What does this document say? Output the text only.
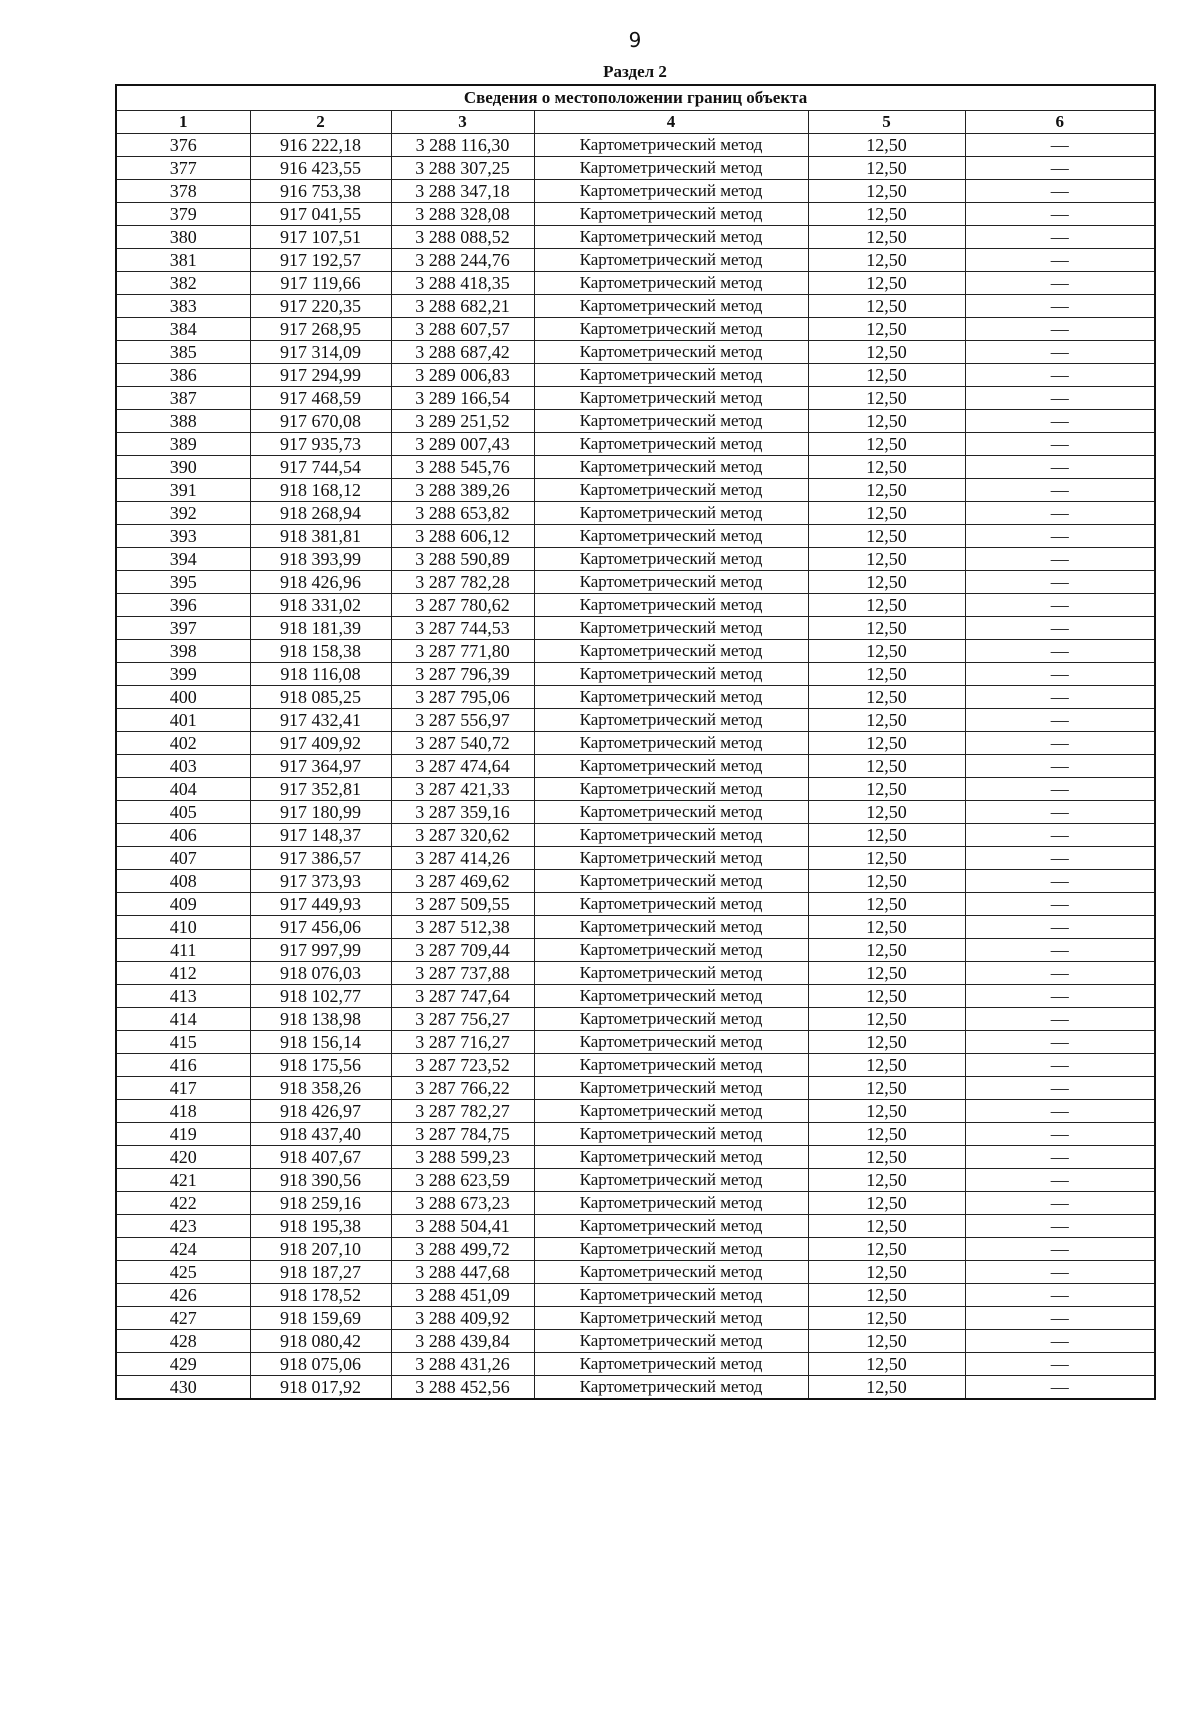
9
Раздел 2
Сведения о местоположении границ объекта					
1	2	3	4	5	6
376	916 222,18	3 288 116,30	Картометрический метод	12,50	—
377	916 423,55	3 288 307,25	Картометрический метод	12,50	—
378	916 753,38	3 288 347,18	Картометрический метод	12,50	—
379	917 041,55	3 288 328,08	Картометрический метод	12,50	—
380	917 107,51	3 288 088,52	Картометрический метод	12,50	—
381	917 192,57	3 288 244,76	Картометрический метод	12,50	—
382	917 119,66	3 288 418,35	Картометрический метод	12,50	—
383	917 220,35	3 288 682,21	Картометрический метод	12,50	—
384	917 268,95	3 288 607,57	Картометрический метод	12,50	—
385	917 314,09	3 288 687,42	Картометрический метод	12,50	—
386	917 294,99	3 289 006,83	Картометрический метод	12,50	—
387	917 468,59	3 289 166,54	Картометрический метод	12,50	—
388	917 670,08	3 289 251,52	Картометрический метод	12,50	—
389	917 935,73	3 289 007,43	Картометрический метод	12,50	—
390	917 744,54	3 288 545,76	Картометрический метод	12,50	—
391	918 168,12	3 288 389,26	Картометрический метод	12,50	—
392	918 268,94	3 288 653,82	Картометрический метод	12,50	—
393	918 381,81	3 288 606,12	Картометрический метод	12,50	—
394	918 393,99	3 288 590,89	Картометрический метод	12,50	—
395	918 426,96	3 287 782,28	Картометрический метод	12,50	—
396	918 331,02	3 287 780,62	Картометрический метод	12,50	—
397	918 181,39	3 287 744,53	Картометрический метод	12,50	—
398	918 158,38	3 287 771,80	Картометрический метод	12,50	—
399	918 116,08	3 287 796,39	Картометрический метод	12,50	—
400	918 085,25	3 287 795,06	Картометрический метод	12,50	—
401	917 432,41	3 287 556,97	Картометрический метод	12,50	—
402	917 409,92	3 287 540,72	Картометрический метод	12,50	—
403	917 364,97	3 287 474,64	Картометрический метод	12,50	—
404	917 352,81	3 287 421,33	Картометрический метод	12,50	—
405	917 180,99	3 287 359,16	Картометрический метод	12,50	—
406	917 148,37	3 287 320,62	Картометрический метод	12,50	—
407	917 386,57	3 287 414,26	Картометрический метод	12,50	—
408	917 373,93	3 287 469,62	Картометрический метод	12,50	—
409	917 449,93	3 287 509,55	Картометрический метод	12,50	—
410	917 456,06	3 287 512,38	Картометрический метод	12,50	—
411	917 997,99	3 287 709,44	Картометрический метод	12,50	—
412	918 076,03	3 287 737,88	Картометрический метод	12,50	—
413	918 102,77	3 287 747,64	Картометрический метод	12,50	—
414	918 138,98	3 287 756,27	Картометрический метод	12,50	—
415	918 156,14	3 287 716,27	Картометрический метод	12,50	—
416	918 175,56	3 287 723,52	Картометрический метод	12,50	—
417	918 358,26	3 287 766,22	Картометрический метод	12,50	—
418	918 426,97	3 287 782,27	Картометрический метод	12,50	—
419	918 437,40	3 287 784,75	Картометрический метод	12,50	—
420	918 407,67	3 288 599,23	Картометрический метод	12,50	—
421	918 390,56	3 288 623,59	Картометрический метод	12,50	—
422	918 259,16	3 288 673,23	Картометрический метод	12,50	—
423	918 195,38	3 288 504,41	Картометрический метод	12,50	—
424	918 207,10	3 288 499,72	Картометрический метод	12,50	—
425	918 187,27	3 288 447,68	Картометрический метод	12,50	—
426	918 178,52	3 288 451,09	Картометрический метод	12,50	—
427	918 159,69	3 288 409,92	Картометрический метод	12,50	—
428	918 080,42	3 288 439,84	Картометрический метод	12,50	—
429	918 075,06	3 288 431,26	Картометрический метод	12,50	—
430	918 017,92	3 288 452,56	Картометрический метод	12,50	—
